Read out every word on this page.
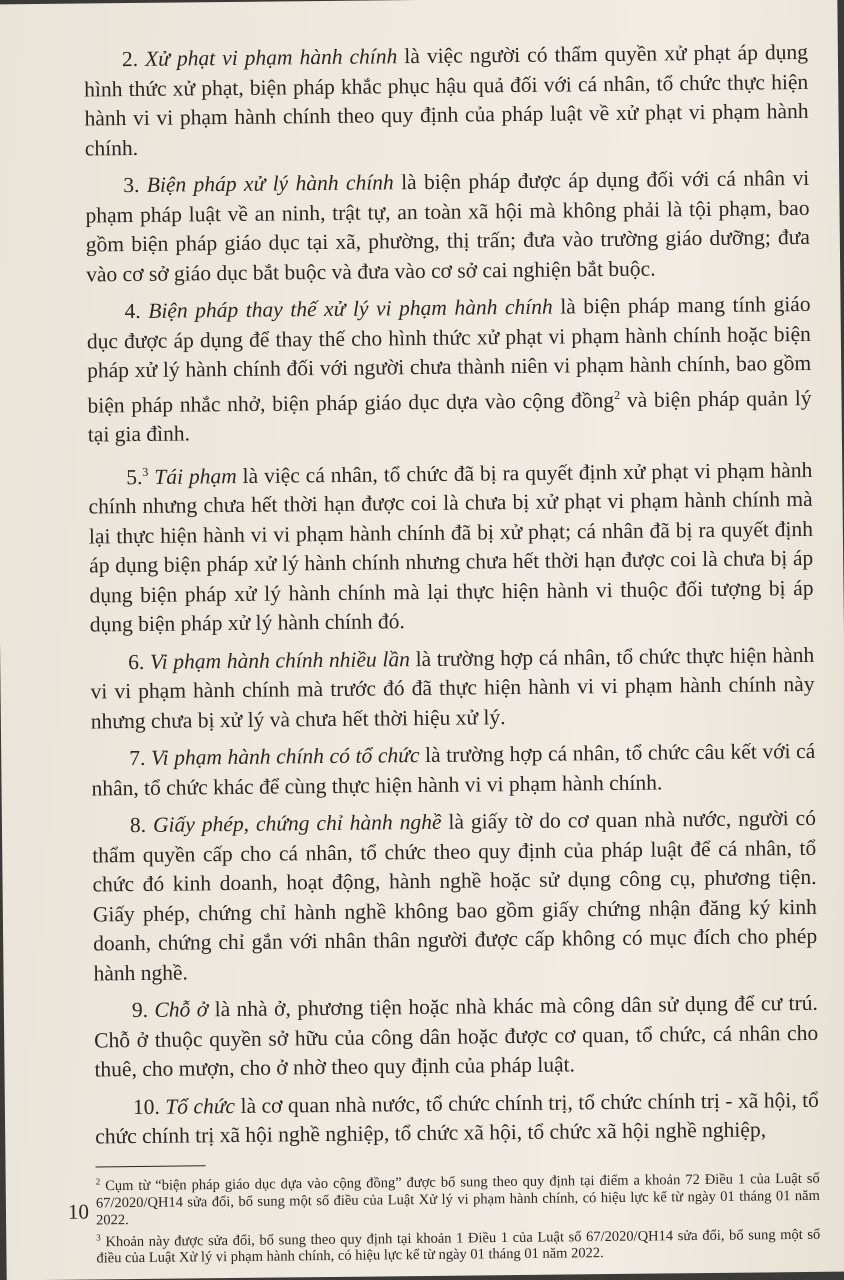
2. Xử phạt vi phạm hành chính là việc người có thẩm quyền xử phạt áp dụng hình thức xử phạt, biện pháp khắc phục hậu quả đối với cá nhân, tổ chức thực hiện hành vi vi phạm hành chính theo quy định của pháp luật về xử phạt vi phạm hành chính.

3. Biện pháp xử lý hành chính là biện pháp được áp dụng đối với cá nhân vi phạm pháp luật về an ninh, trật tự, an toàn xã hội mà không phải là tội phạm, bao gồm biện pháp giáo dục tại xã, phường, thị trấn; đưa vào trường giáo dưỡng; đưa vào cơ sở giáo dục bắt buộc và đưa vào cơ sở cai nghiện bắt buộc.

4. Biện pháp thay thế xử lý vi phạm hành chính là biện pháp mang tính giáo dục được áp dụng để thay thế cho hình thức xử phạt vi phạm hành chính hoặc biện pháp xử lý hành chính đối với người chưa thành niên vi phạm hành chính, bao gồm biện pháp nhắc nhở, biện pháp giáo dục dựa vào cộng đồng$^2$ và biện pháp quản lý tại gia đình.

5.$^3$ Tái phạm là việc cá nhân, tổ chức đã bị ra quyết định xử phạt vi phạm hành chính nhưng chưa hết thời hạn được coi là chưa bị xử phạt vi phạm hành chính mà lại thực hiện hành vi vi phạm hành chính đã bị xử phạt; cá nhân đã bị ra quyết định áp dụng biện pháp xử lý hành chính nhưng chưa hết thời hạn được coi là chưa bị áp dụng biện pháp xử lý hành chính mà lại thực hiện hành vi thuộc đối tượng bị áp dụng biện pháp xử lý hành chính đó.

6. Vi phạm hành chính nhiều lần là trường hợp cá nhân, tổ chức thực hiện hành vi vi phạm hành chính mà trước đó đã thực hiện hành vi vi phạm hành chính này nhưng chưa bị xử lý và chưa hết thời hiệu xử lý.

7. Vi phạm hành chính có tổ chức là trường hợp cá nhân, tổ chức câu kết với cá nhân, tổ chức khác để cùng thực hiện hành vi vi phạm hành chính.

8. Giấy phép, chứng chỉ hành nghề là giấy tờ do cơ quan nhà nước, người có thẩm quyền cấp cho cá nhân, tổ chức theo quy định của pháp luật để cá nhân, tổ chức đó kinh doanh, hoạt động, hành nghề hoặc sử dụng công cụ, phương tiện. Giấy phép, chứng chỉ hành nghề không bao gồm giấy chứng nhận đăng ký kinh doanh, chứng chỉ gắn với nhân thân người được cấp không có mục đích cho phép hành nghề.

9. Chỗ ở là nhà ở, phương tiện hoặc nhà khác mà công dân sử dụng để cư trú. Chỗ ở thuộc quyền sở hữu của công dân hoặc được cơ quan, tổ chức, cá nhân cho thuê, cho mượn, cho ở nhờ theo quy định của pháp luật.

10. Tổ chức là cơ quan nhà nước, tổ chức chính trị, tổ chức chính trị - xã hội, tổ chức chính trị xã hội nghề nghiệp, tổ chức xã hội, tổ chức xã hội nghề nghiệp,

$^2$ Cụm từ “biện pháp giáo dục dựa vào cộng đồng” được bổ sung theo quy định tại điểm a khoản 72 Điều 1 của Luật số 67/2020/QH14 sửa đổi, bổ sung một số điều của Luật Xử lý vi phạm hành chính, có hiệu lực kể từ ngày 01 tháng 01 năm 2022.

$^3$ Khoản này được sửa đổi, bổ sung theo quy định tại khoản 1 Điều 1 của Luật số 67/2020/QH14 sửa đổi, bổ sung một số điều của Luật Xử lý vi phạm hành chính, có hiệu lực kể từ ngày 01 tháng 01 năm 2022.

10
